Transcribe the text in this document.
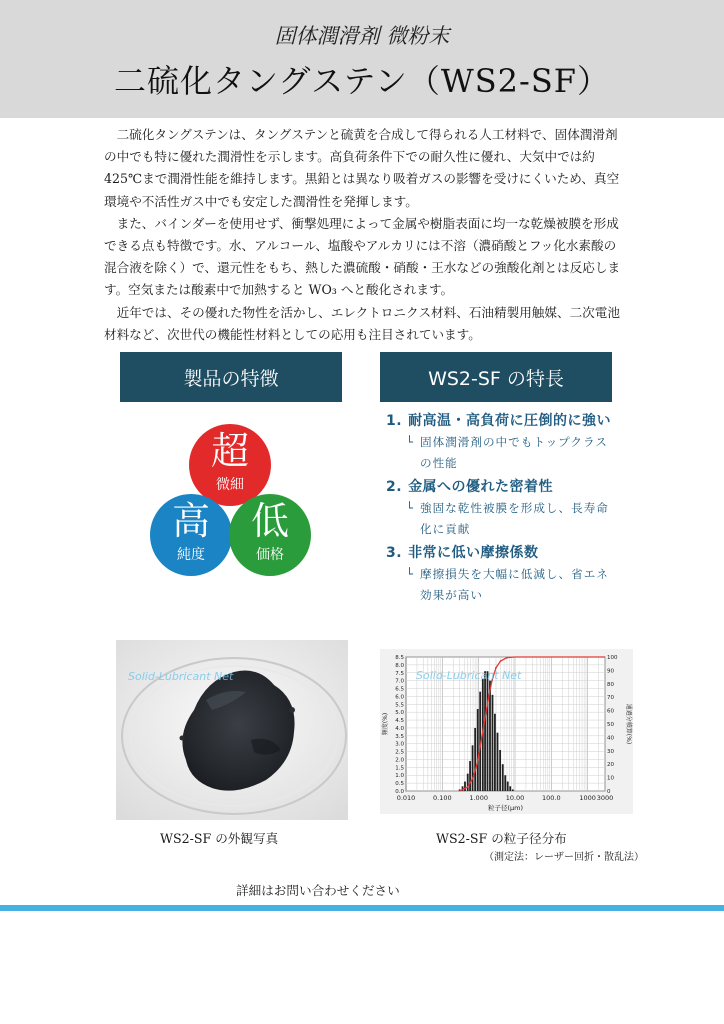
固体潤滑剤 微粉末
二硫化タングステン（WS2-SF）

二硫化タングステンは、タングステンと硫黄を合成して得られる人工材料で、固体潤滑剤の中でも特に優れた潤滑性を示します。高負荷条件下での耐久性に優れ、大気中では約425℃まで潤滑性能を維持します。黒鉛とは異なり吸着ガスの影響を受けにくいため、真空環境や不活性ガス中でも安定した潤滑性を発揮します。

また、バインダーを使用せず、衝撃処理によって金属や樹脂表面に均一な乾燥被膜を形成できる点も特徴です。水、アルコール、塩酸やアルカリには不溶（濃硝酸とフッ化水素酸の混合液を除く）で、還元性をもち、熱した濃硫酸・硝酸・王水などの強酸化剤とは反応します。空気または酸素中で加熱すると WO₃ へと酸化されます。

近年では、その優れた物性を活かし、エレクトロニクス材料、石油精製用触媒、二次電池材料など、次世代の機能性材料としての応用も注目されています。

製品の特徴	WS2-SF の特長
超
微細
高
純度
低
価格
1. 耐高温・高負荷に圧倒的に強い
└ 固体潤滑剤の中でもトップクラス
の性能
2. 金属への優れた密着性
└ 強固な乾性被膜を形成し、長寿命
化に貢献
3. 非常に低い摩擦係数
└ 摩擦損失を大幅に低減し、省エネ
効果が高い
Solid-Lubricant Net
0.010	0.100	1.000	10.00	100.0	1000 3000
0.0
0.5
1.0
1.5
2.0
2.5
3.0
3.5
4.0
4.5
5.0
5.5
6.0
6.5
7.0
7.5
8.0
8.5
0
10
20
30
40
50
60
70
80
90
100
粒子径(μm)
頻度(%)	通過分積算(%)
Solid-Lubricant Net
WS2-SF の外観写真	WS2-SF の粒子径分布
（測定法：レーザー回折・散乱法）
詳細はお問い合わせください
